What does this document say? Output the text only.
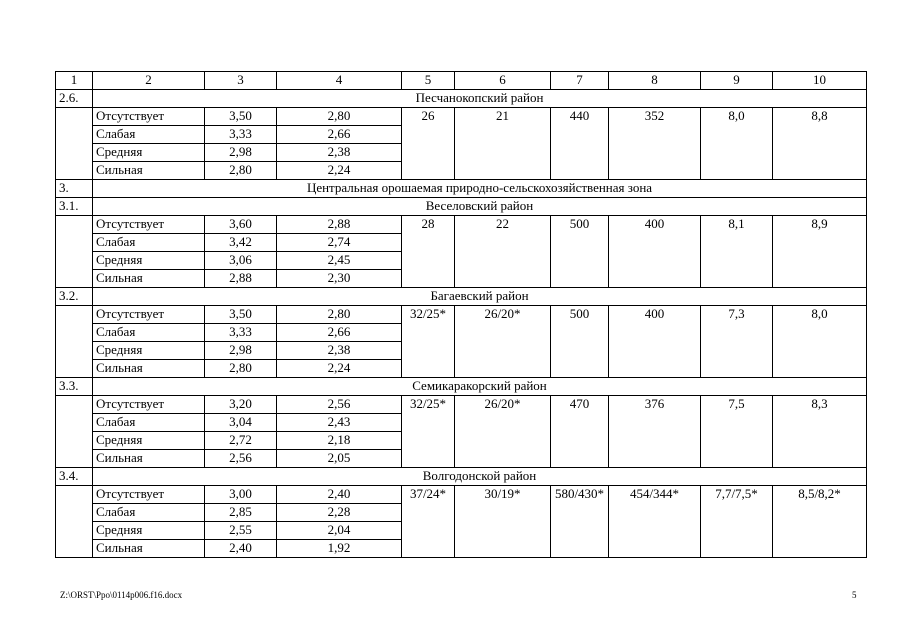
1	2	3	4	5	6	7	8	9	10
2.6.	Песчанокопский район								
	Отсутствует	3,50	2,80	26	21	440	352	8,0	8,8
	Слабая	3,33	2,66						
	Средняя	2,98	2,38						
	Сильная	2,80	2,24						
3.	Центральная орошаемая природно-сельскохозяйственная зона								
3.1.	Веселовский район								
	Отсутствует	3,60	2,88	28	22	500	400	8,1	8,9
	Слабая	3,42	2,74						
	Средняя	3,06	2,45						
	Сильная	2,88	2,30						
3.2.	Багаевский район								
	Отсутствует	3,50	2,80	32/25*	26/20*	500	400	7,3	8,0
	Слабая	3,33	2,66						
	Средняя	2,98	2,38						
	Сильная	2,80	2,24						
3.3.	Семикаракорский район								
	Отсутствует	3,20	2,56	32/25*	26/20*	470	376	7,5	8,3
	Слабая	3,04	2,43						
	Средняя	2,72	2,18						
	Сильная	2,56	2,05						
3.4.	Волгодонской район								
	Отсутствует	3,00	2,40	37/24*	30/19*	580/430*	454/344*	7,7/7,5*	8,5/8,2*
	Слабая	2,85	2,28						
	Средняя	2,55	2,04						
	Сильная	2,40	1,92						
Z:\ORST\Ppo\0114p006.f16.docx	5
